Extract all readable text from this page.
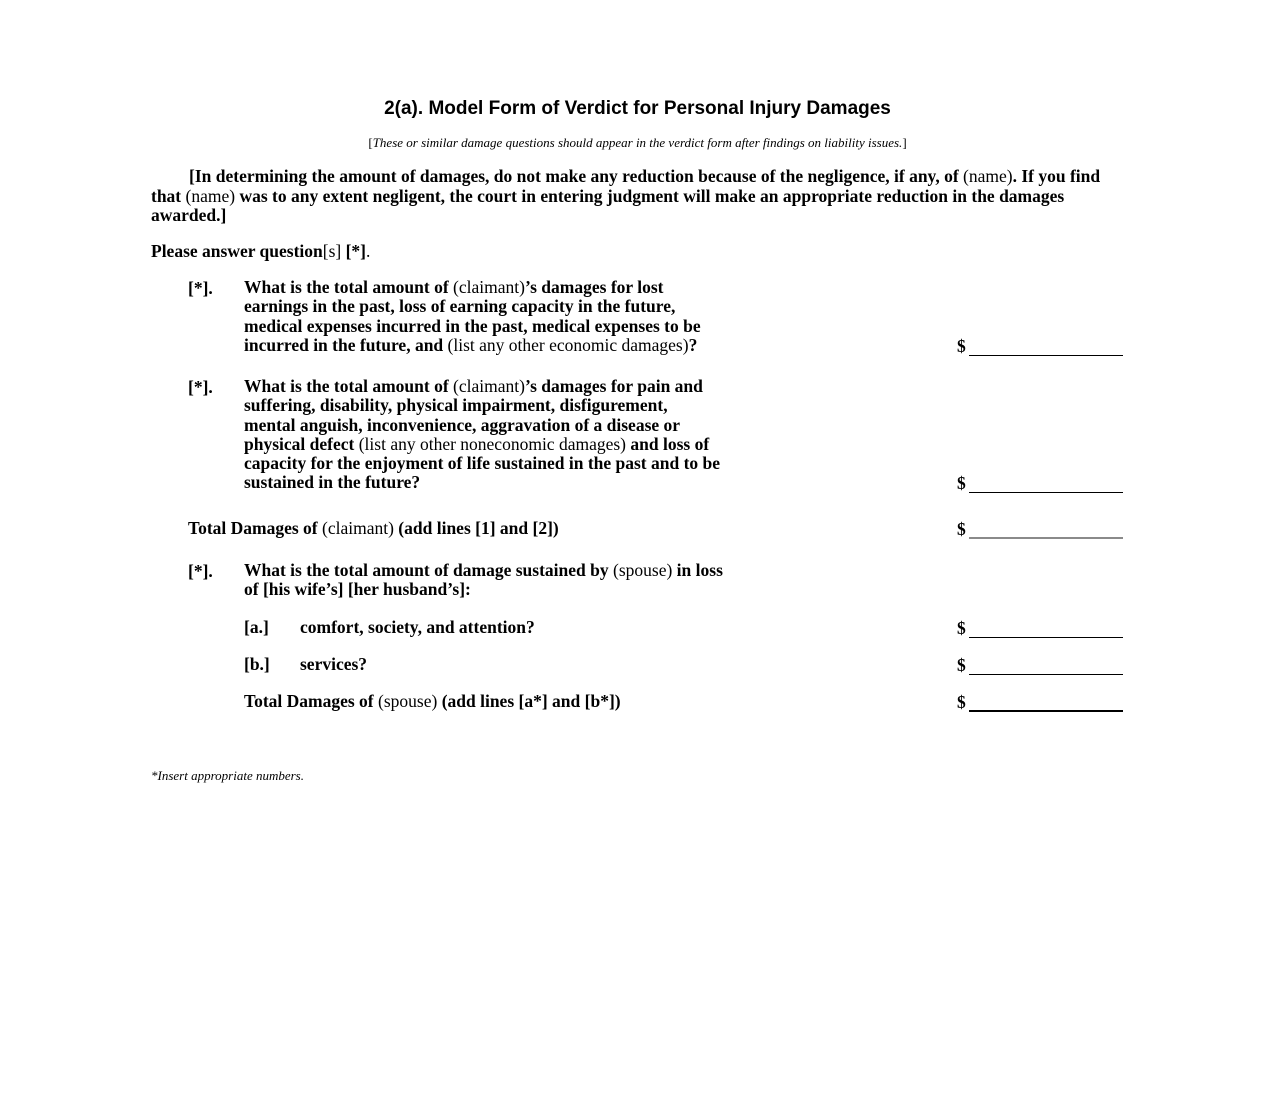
2(a). Model Form of Verdict for Personal Injury Damages
[These or similar damage questions should appear in the verdict form after findings on liability issues.]
[In determining the amount of damages, do not make any reduction because of the negligence, if any, of (name). If you find that (name) was to any extent negligent, the court in entering judgment will make an appropriate reduction in the damages awarded.]
Please answer question[s] [*].
[*]. What is the total amount of (claimant)’s damages for lost
earnings in the past, loss of earning capacity in the future,
medical expenses incurred in the past, medical expenses to be
incurred in the future, and (list any other economic damages)?	$
[*]. What is the total amount of (claimant)’s damages for pain and
suffering, disability, physical impairment, disfigurement,
mental anguish, inconvenience, aggravation of a disease or
physical defect (list any other noneconomic damages) and loss of
capacity for the enjoyment of life sustained in the past and to be
sustained in the future?	$
Total Damages of (claimant) (add lines [1] and [2])	$
[*]. What is the total amount of damage sustained by (spouse) in loss
of [his wife’s] [her husband’s]:
[a.] comfort, society, and attention?	$
[b.] services?	$
Total Damages of (spouse) (add lines [a*] and [b*])	$
*Insert appropriate numbers.
